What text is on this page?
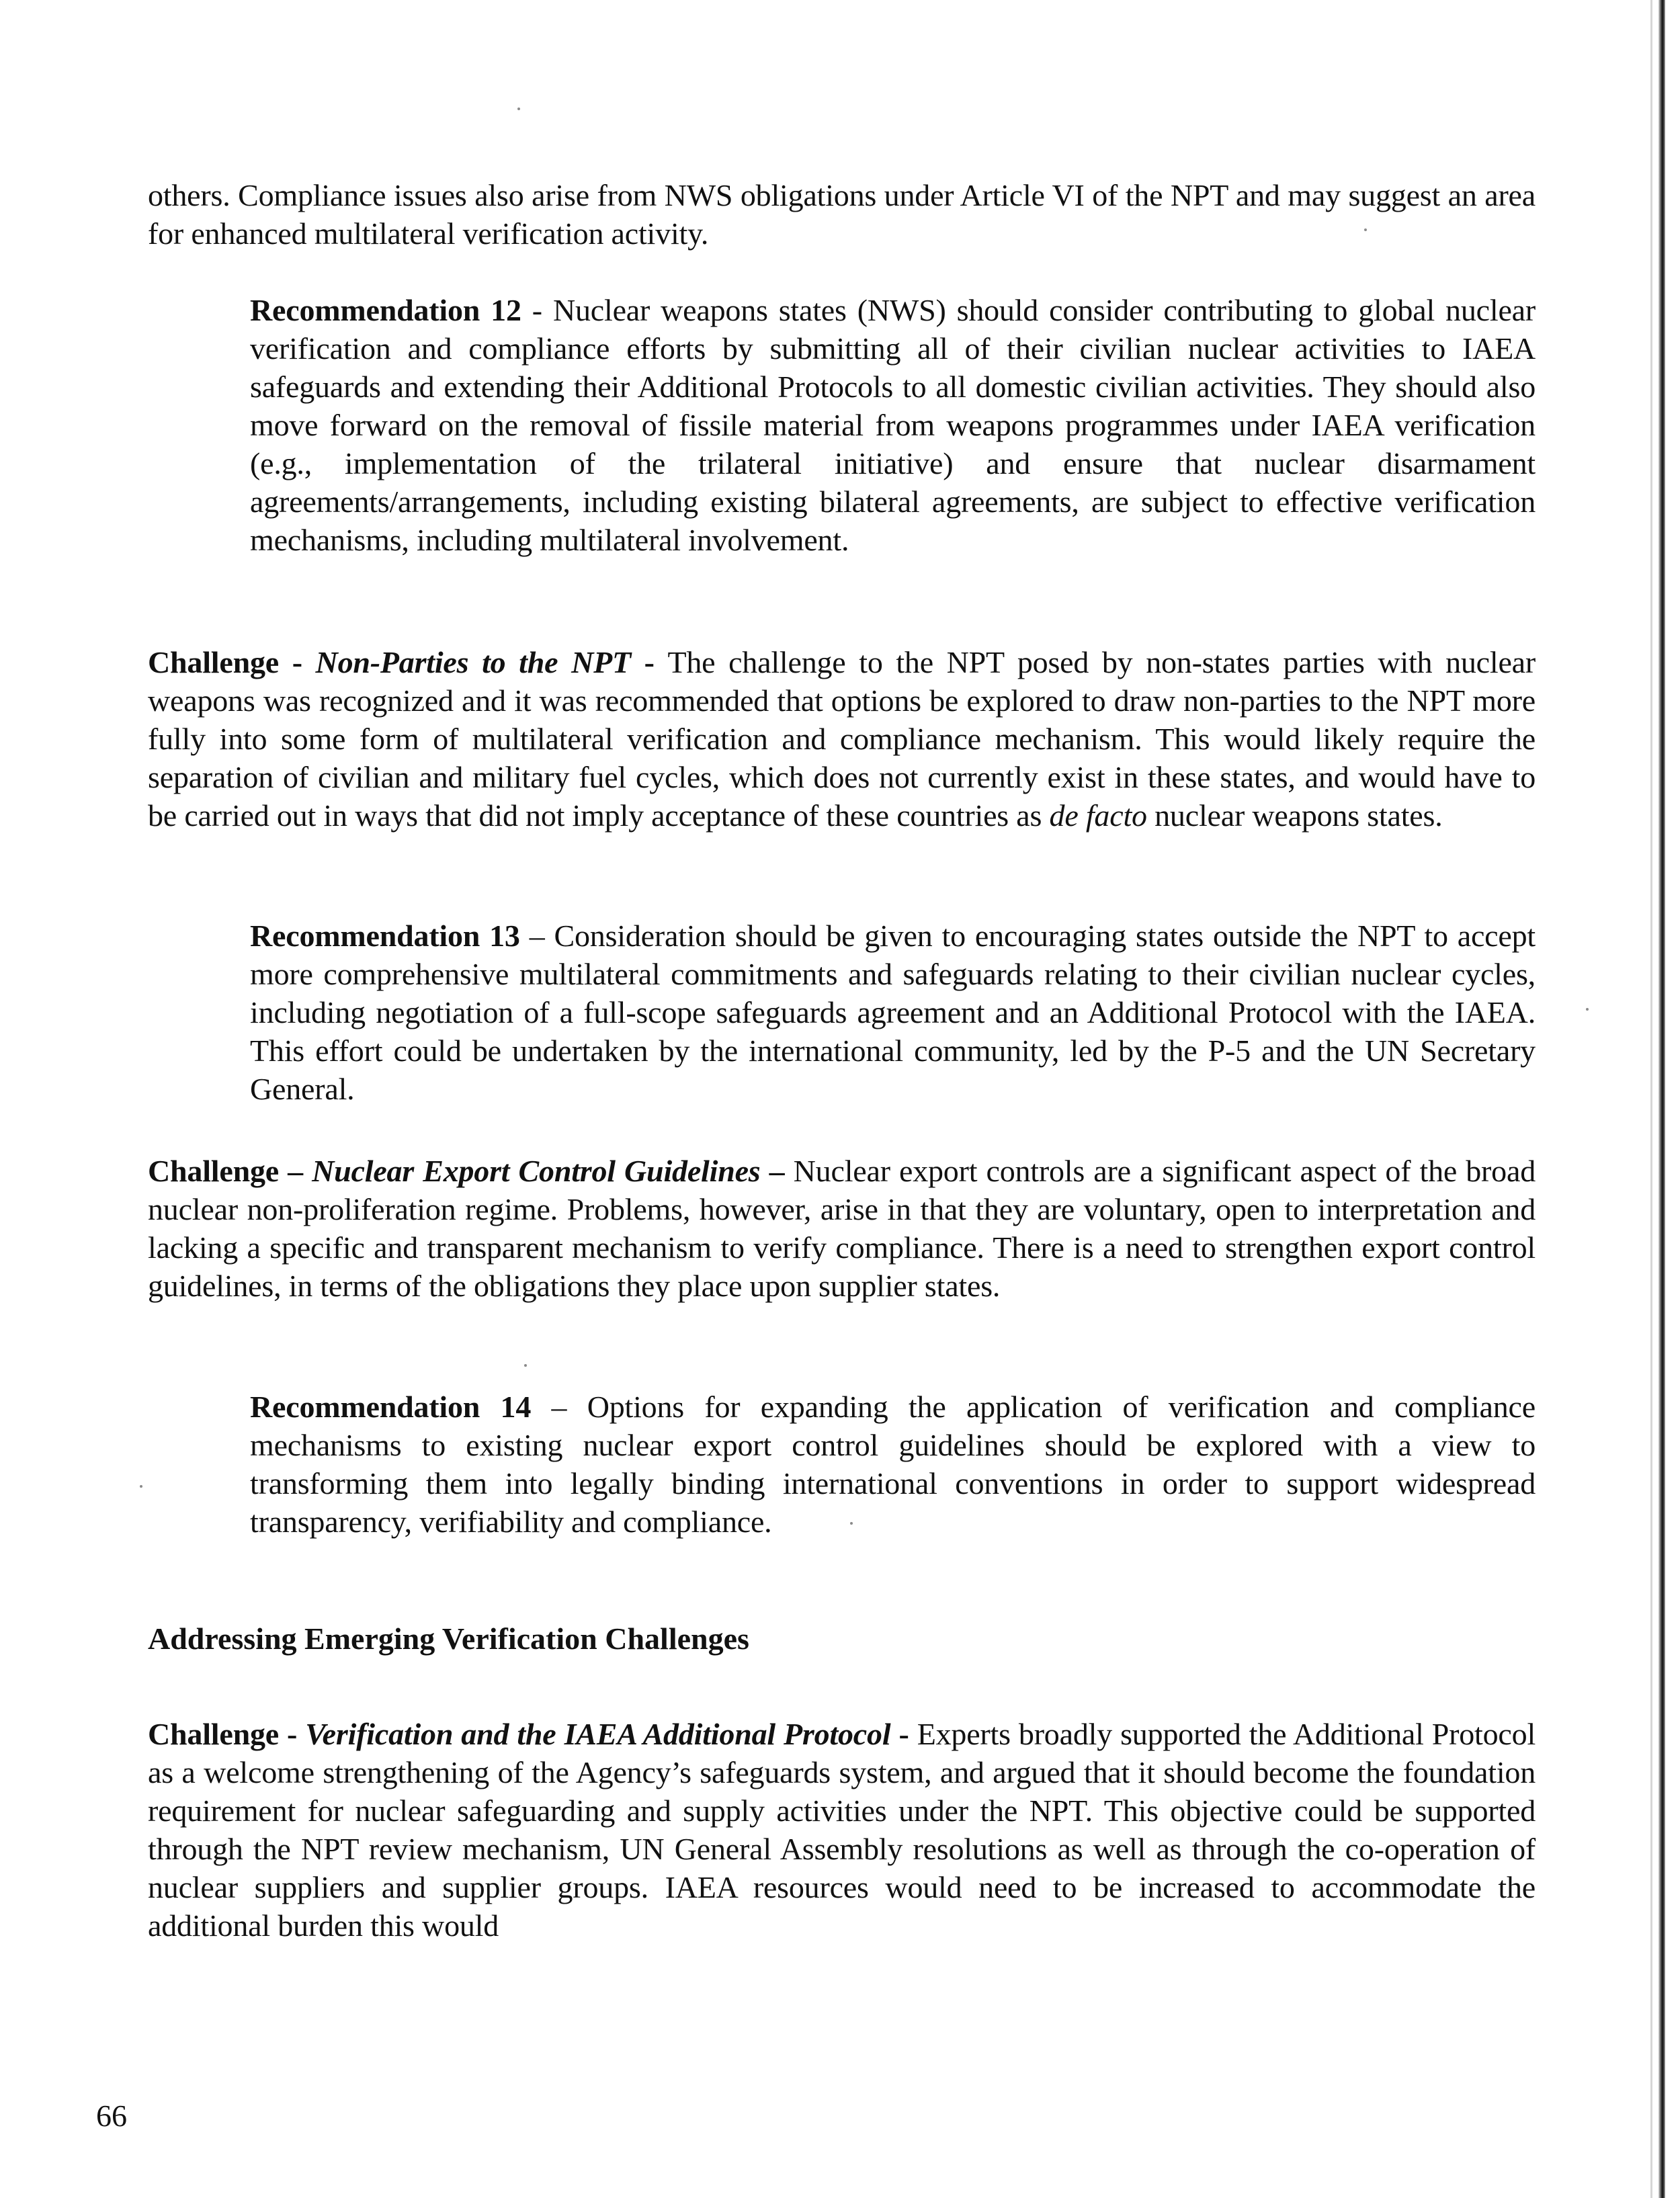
others. Compliance issues also arise from NWS obligations under Article VI of the NPT and may suggest an area for enhanced multilateral verification activity.

Recommendation 12 - Nuclear weapons states (NWS) should consider contributing to global nuclear verification and compliance efforts by submitting all of their civilian nuclear activities to IAEA safeguards and extending their Additional Protocols to all domestic civilian activities. They should also move forward on the removal of fissile material from weapons programmes under IAEA verification (e.g., implementation of the trilateral initiative) and ensure that nuclear disarmament agreements/arrangements, including existing bilateral agreements, are subject to effective verification mechanisms, including multilateral involvement.

Challenge - Non-Parties to the NPT - The challenge to the NPT posed by non-states parties with nuclear weapons was recognized and it was recommended that options be explored to draw non-parties to the NPT more fully into some form of multilateral verification and compliance mechanism. This would likely require the separation of civilian and military fuel cycles, which does not currently exist in these states, and would have to be carried out in ways that did not imply acceptance of these countries as de facto nuclear weapons states.

Recommendation 13 – Consideration should be given to encouraging states outside the NPT to accept more comprehensive multilateral commitments and safeguards relating to their civilian nuclear cycles, including negotiation of a full-scope safeguards agreement and an Additional Protocol with the IAEA. This effort could be undertaken by the international community, led by the P-5 and the UN Secretary General.

Challenge – Nuclear Export Control Guidelines – Nuclear export controls are a significant aspect of the broad nuclear non-proliferation regime. Problems, however, arise in that they are voluntary, open to interpretation and lacking a specific and transparent mechanism to verify compliance. There is a need to strengthen export control guidelines, in terms of the obligations they place upon supplier states.

Recommendation 14 – Options for expanding the application of verification and compliance mechanisms to existing nuclear export control guidelines should be explored with a view to transforming them into legally binding international conventions in order to support widespread transparency, verifiability and compliance.

Addressing Emerging Verification Challenges

Challenge - Verification and the IAEA Additional Protocol - Experts broadly supported the Additional Protocol as a welcome strengthening of the Agency’s safeguards system, and argued that it should become the foundation requirement for nuclear safeguarding and supply activities under the NPT. This objective could be supported through the NPT review mechanism, UN General Assembly resolutions as well as through the co-operation of nuclear suppliers and supplier groups. IAEA resources would need to be increased to accommodate the additional burden this would

66
